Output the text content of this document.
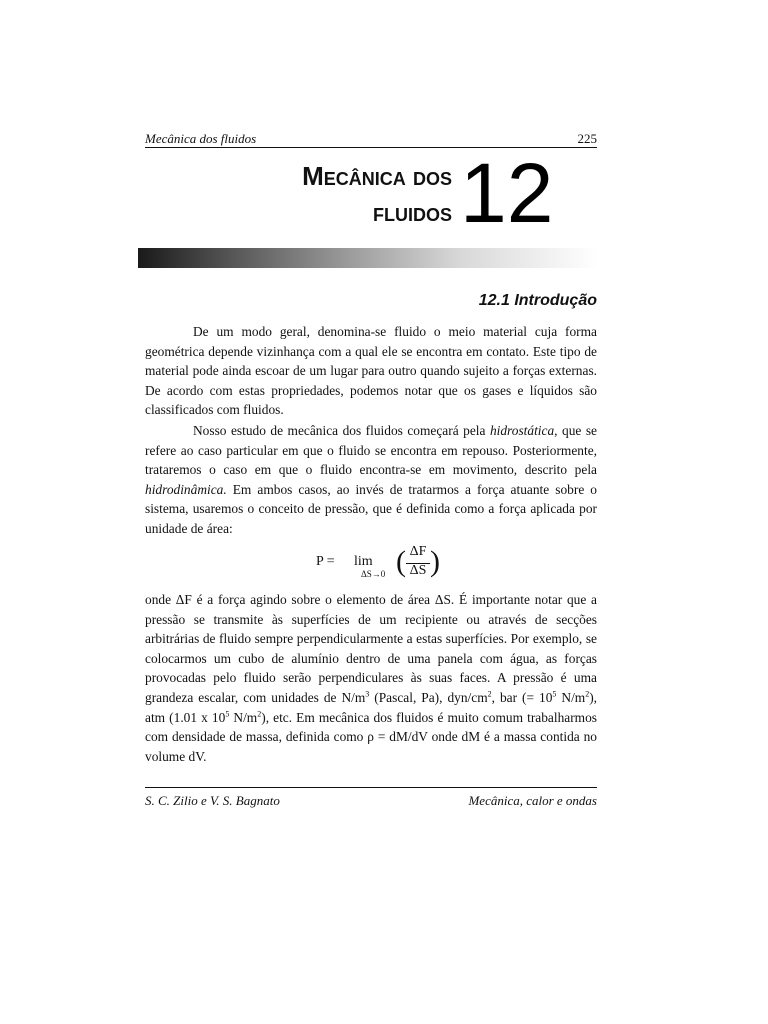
Mecânica dos fluidos	225
Mecânica dos
fluidos 12
12.1 Introdução

De um modo geral, denomina-se fluido o meio material cuja forma geométrica depende vizinhança com a qual ele se encontra em contato. Este tipo de material pode ainda escoar de um lugar para outro quando sujeito a forças externas. De acordo com estas propriedades, podemos notar que os gases e líquidos são classificados com fluidos.

Nosso estudo de mecânica dos fluidos começará pela hidrostática, que se refere ao caso particular em que o fluido se encontra em repouso. Posteriormente, trataremos o caso em que o fluido encontra-se em movimento, descrito pela hidrodinâmica. Em ambos casos, ao invés de tratarmos a força atuante sobre o sistema, usaremos o conceito de pressão, que é definida como a força aplicada por unidade de área:

P = lim
ΔS→0 ( ΔF
ΔS )

onde ΔF é a força agindo sobre o elemento de área ΔS. É importante notar que a pressão se transmite às superfícies de um recipiente ou através de secções arbitrárias de fluido sempre perpendicularmente a estas superfícies. Por exemplo, se colocarmos um cubo de alumínio dentro de uma panela com água, as forças provocadas pelo fluido serão perpendiculares às suas faces. A pressão é uma grandeza escalar, com unidades de $N/m^3$ (Pascal, Pa), dyn/$cm^2$, bar (= $10^5$ $N/m^2$), atm (1.01 x $10^5$ $N/m^2$), etc. Em mecânica dos fluidos é muito comum trabalharmos com densidade de massa, definida como ρ = dM/dV onde dM é a massa contida no volume dV.

S. C. Zilio e V. S. Bagnato	Mecânica, calor e ondas
